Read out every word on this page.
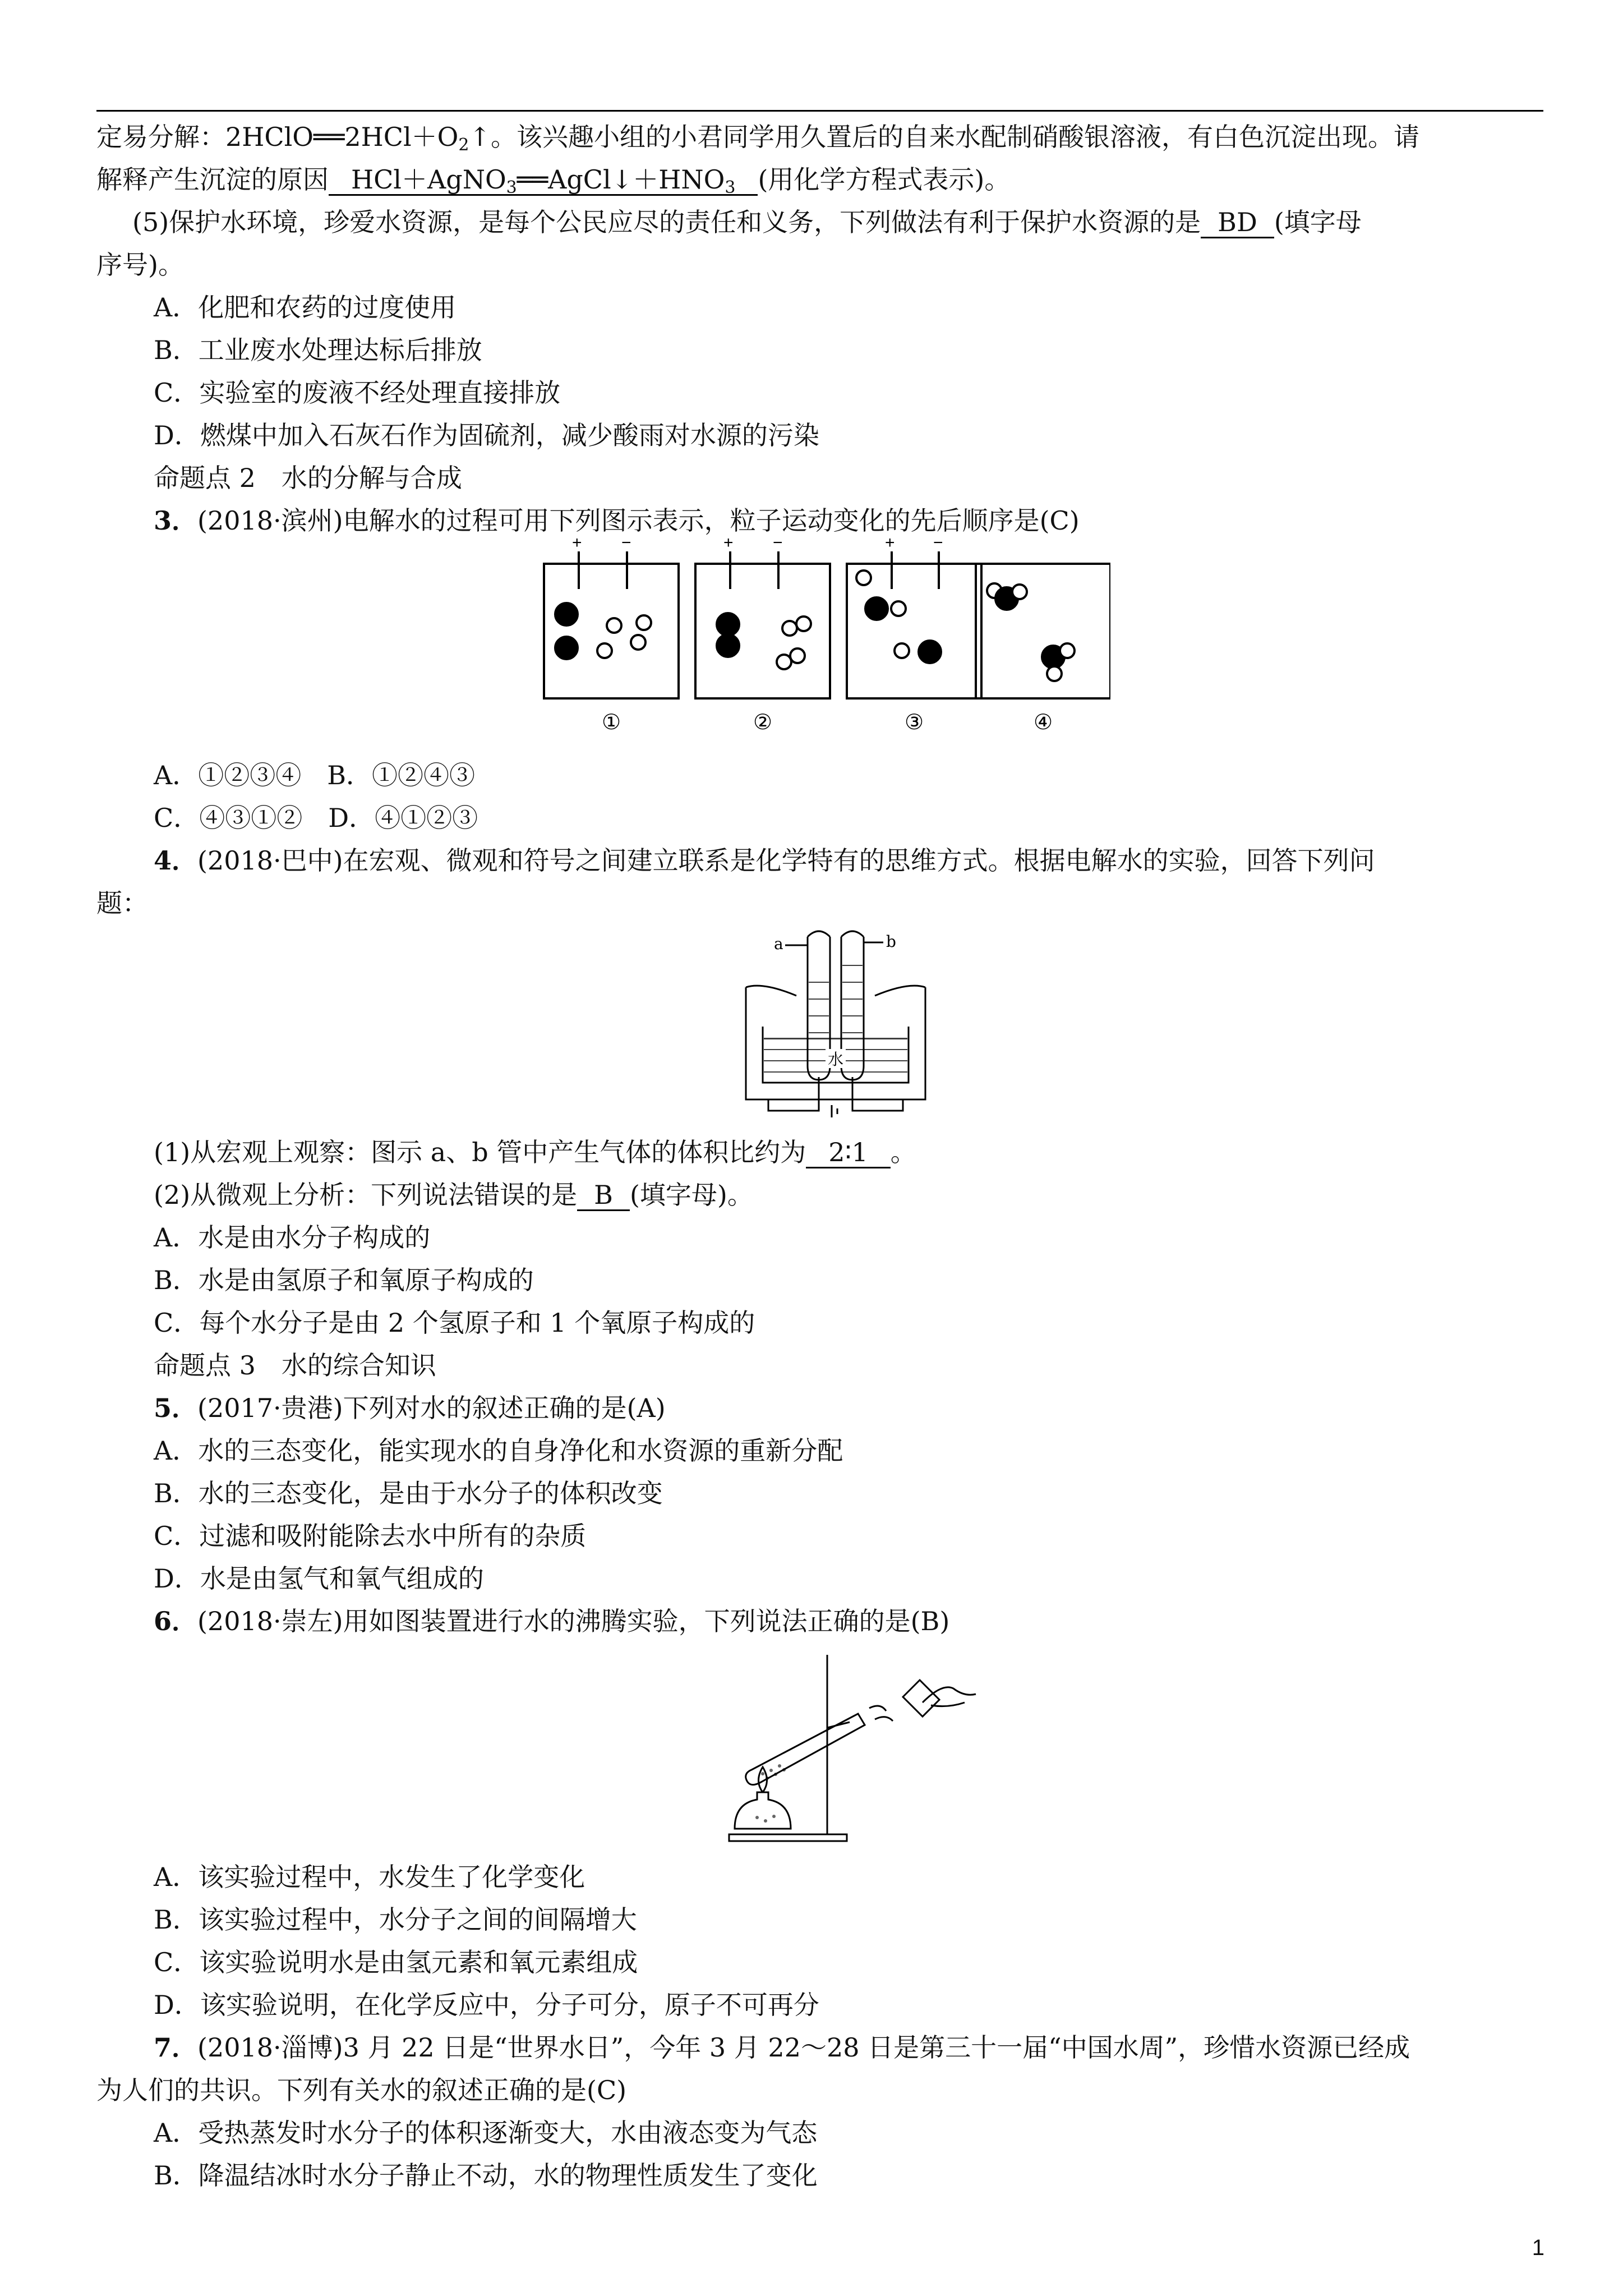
定易分解：$2HClO══2HCl+O_2↑$。该兴趣小组的小君同学用久置后的自来水配制硝酸银溶液，有白色沉淀出现。请
解释产生沉淀的原因 $HCl+AgNO_3══AgCl↓+HNO_3$ (用化学方程式表示)。
(5)保护水环境，珍爱水资源，是每个公民应尽的责任和义务，下列做法有利于保护水资源的是 BD (填字母
序号)。
A．化肥和农药的过度使用
B．工业废水处理达标后排放
C．实验室的废液不经处理直接排放
D．燃煤中加入石灰石作为固硫剂，减少酸雨对水源的污染
命题点 2　水的分解与合成
3．(2018·滨州)电解水的过程可用下列图示表示，粒子运动变化的先后顺序是(C)
+ −	+ −	+ −
①	②	③	④
A．①②③④　B．①②④③
C．④③①②　D．④①②③
4．(2018·巴中)在宏观、微观和符号之间建立联系是化学特有的思维方式。根据电解水的实验，回答下列问
题：
a	b
水
(1)从宏观上观察：图示 a、b 管中产生气体的体积比约为 2∶1 。
(2)从微观上分析：下列说法错误的是 B (填字母)。
A．水是由水分子构成的
B．水是由氢原子和氧原子构成的
C．每个水分子是由 2 个氢原子和 1 个氧原子构成的
命题点 3　水的综合知识
5．(2017·贵港)下列对水的叙述正确的是(A)
A．水的三态变化，能实现水的自身净化和水资源的重新分配
B．水的三态变化，是由于水分子的体积改变
C．过滤和吸附能除去水中所有的杂质
D．水是由氢气和氧气组成的
6．(2018·崇左)用如图装置进行水的沸腾实验，下列说法正确的是(B)
A．该实验过程中，水发生了化学变化
B．该实验过程中，水分子之间的间隔增大
C．该实验说明水是由氢元素和氧元素组成
D．该实验说明，在化学反应中，分子可分，原子不可再分
7．(2018·淄博)3 月 22 日是“世界水日”，今年 3 月 22～28 日是第三十一届“中国水周”，珍惜水资源已经成
为人们的共识。下列有关水的叙述正确的是(C)
A．受热蒸发时水分子的体积逐渐变大，水由液态变为气态
B．降温结冰时水分子静止不动，水的物理性质发生了变化
1
